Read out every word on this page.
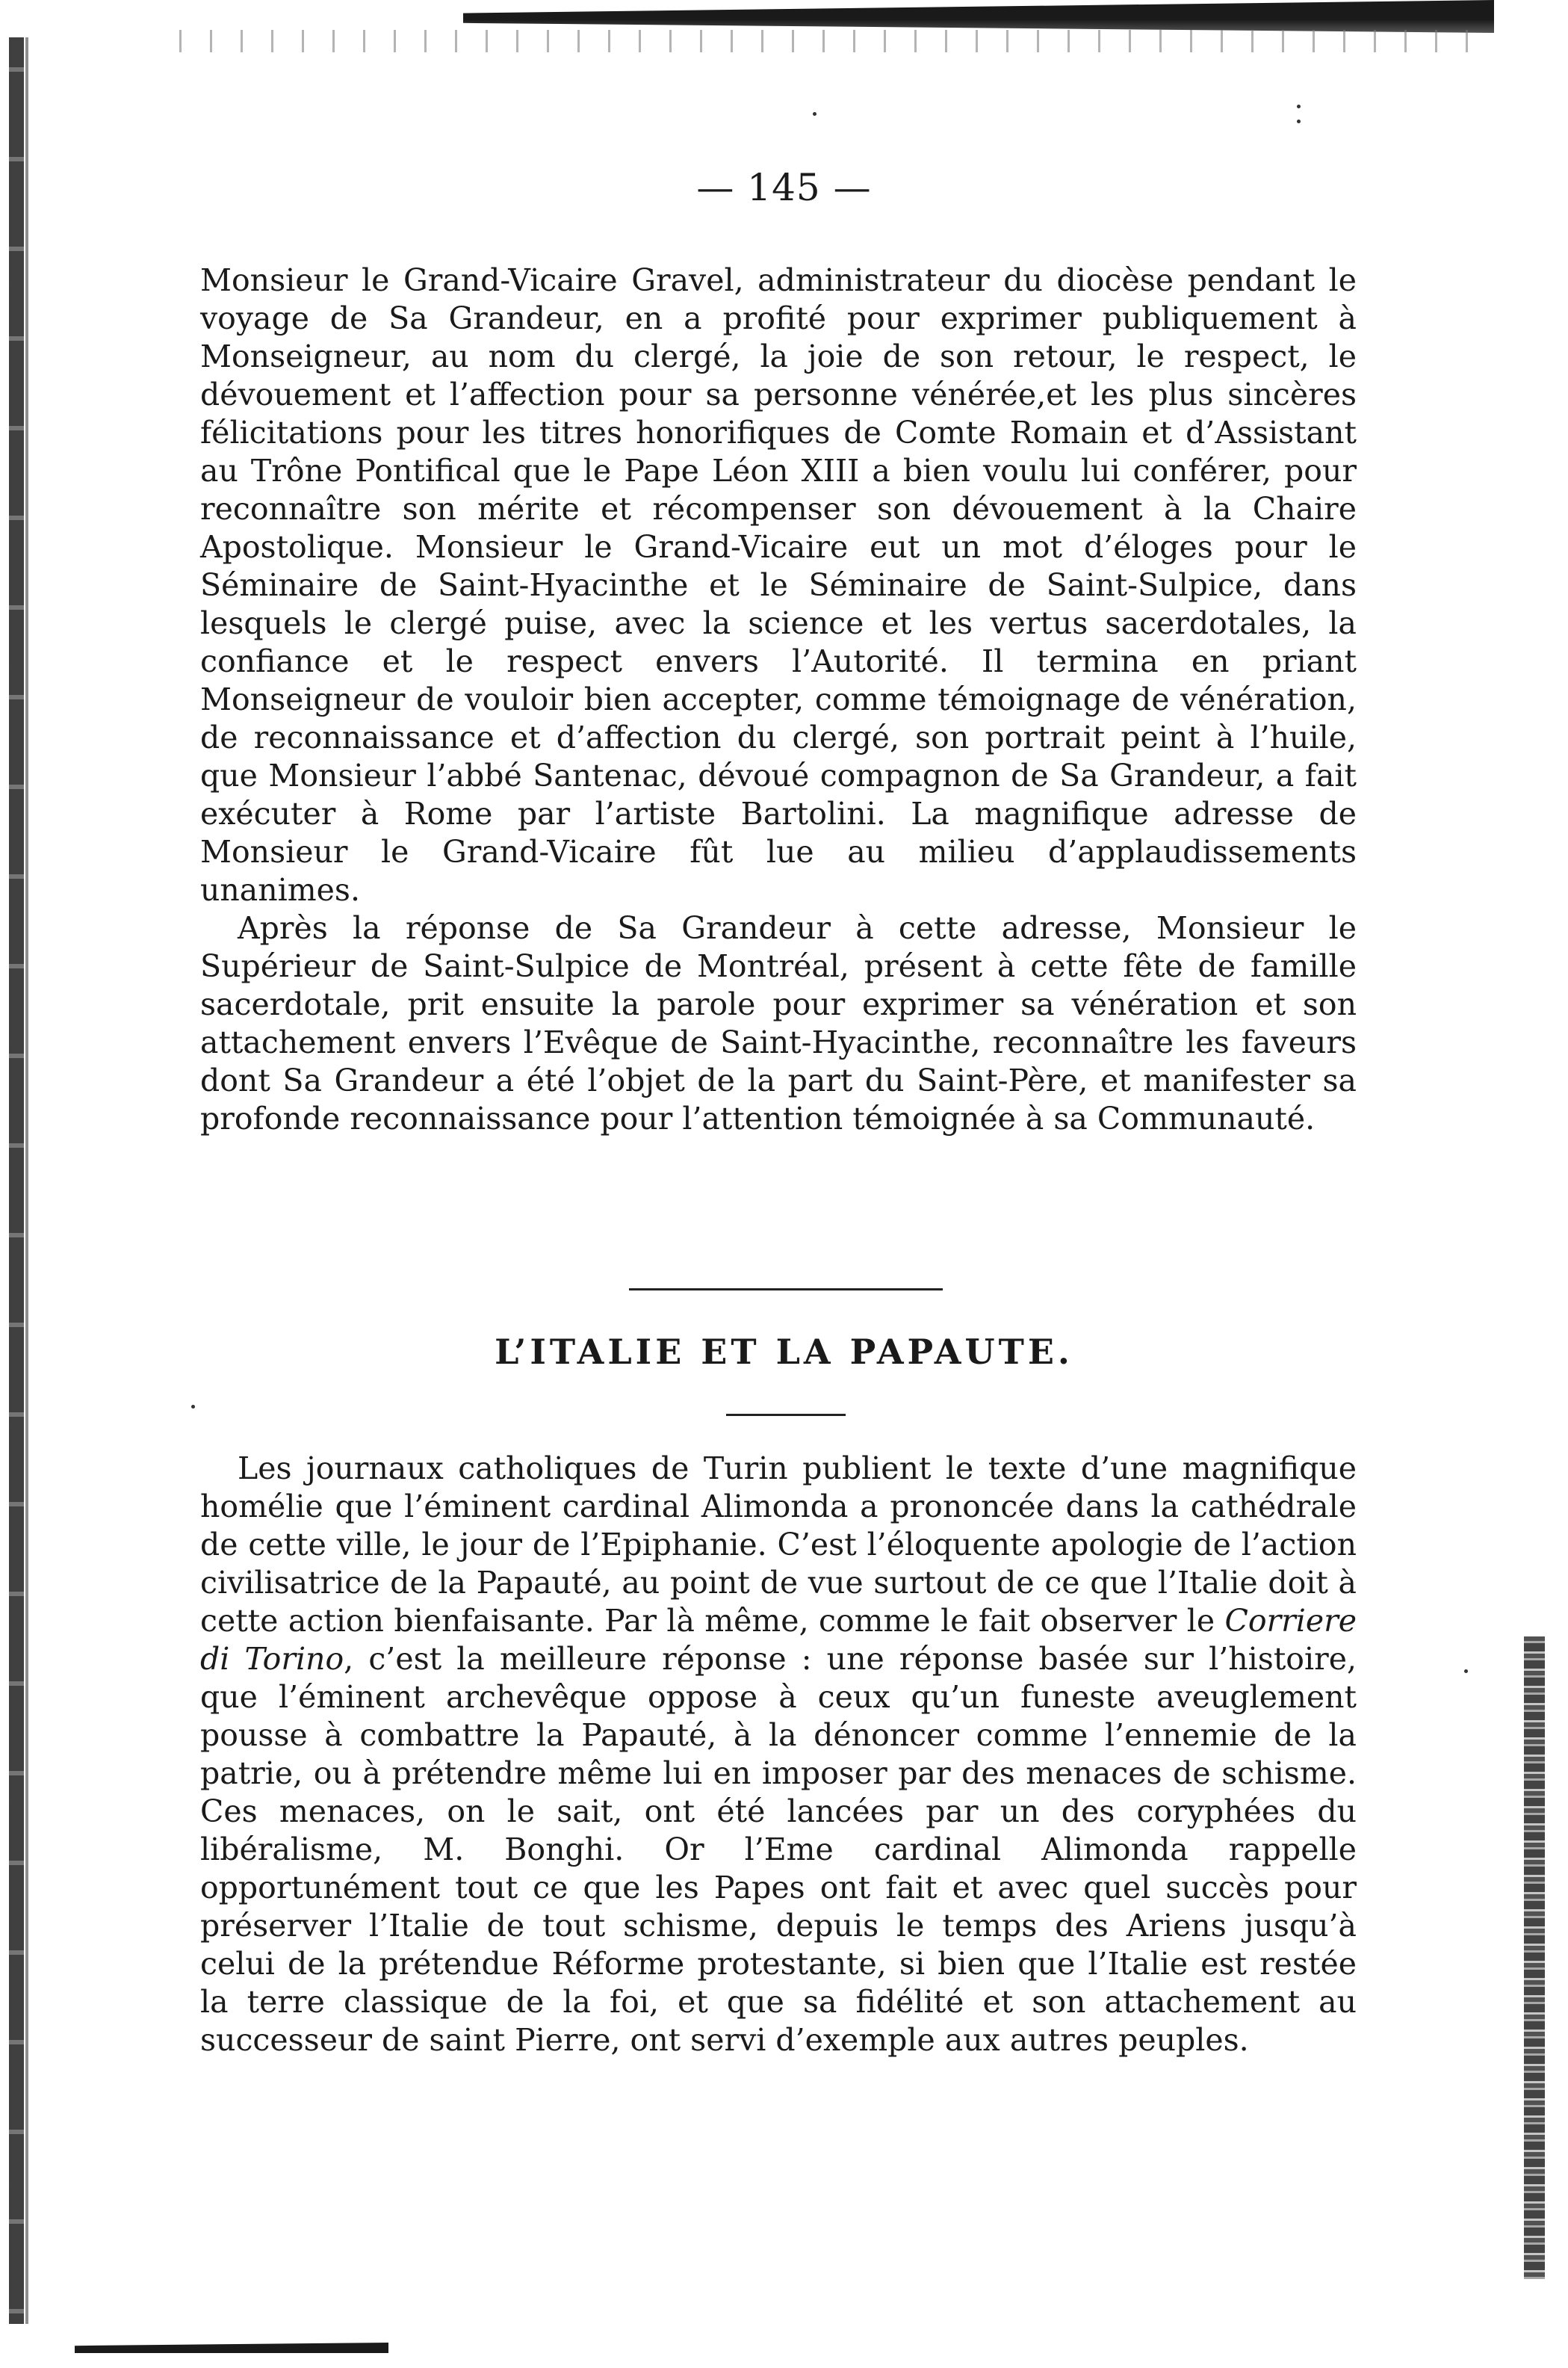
— 145 —

Monsieur le Grand-Vicaire Gravel, administrateur du diocèse pendant le voyage de Sa Grandeur, en a profité pour exprimer publiquement à Monseigneur, au nom du clergé, la joie de son retour, le respect, le dévouement et l’affection pour sa personne vénérée,et les plus sincères félicitations pour les titres honorifiques de Comte Romain et d’Assistant au Trône Pontifical que le Pape Léon XIII a bien voulu lui conférer, pour reconnaître son mérite et récompenser son dévouement à la Chaire Apostolique. Monsieur le Grand-Vicaire eut un mot d’éloges pour le Séminaire de Saint-Hyacinthe et le Séminaire de Saint-Sulpice, dans lesquels le clergé puise, avec la science et les vertus sacerdotales, la confiance et le respect envers l’Autorité. Il termina en priant Monseigneur de vouloir bien accepter, comme témoignage de vénération, de reconnaissance et d’affection du clergé, son portrait peint à l’huile, que Monsieur l’abbé Santenac, dévoué compagnon de Sa Grandeur, a fait exécuter à Rome par l’artiste Bartolini. La magnifique adresse de Monsieur le Grand-Vicaire fût lue au milieu d’applaudissements unanimes.

Après la réponse de Sa Grandeur à cette adresse, Monsieur le Supérieur de Saint-Sulpice de Montréal, présent à cette fête de famille sacerdotale, prit ensuite la parole pour exprimer sa vénération et son attachement envers l’Evêque de Saint-Hyacinthe, reconnaître les faveurs dont Sa Grandeur a été l’objet de la part du Saint-Père, et manifester sa profonde reconnaissance pour l’attention témoignée à sa Communauté.

L’ITALIE ET LA PAPAUTE.

Les journaux catholiques de Turin publient le texte d’une magnifique homélie que l’éminent cardinal Alimonda a prononcée dans la cathédrale de cette ville, le jour de l’Epiphanie. C’est l’éloquente apologie de l’action civilisatrice de la Papauté, au point de vue surtout de ce que l’Italie doit à cette action bienfaisante. Par là même, comme le fait observer le Corriere di Torino, c’est la meilleure réponse : une réponse basée sur l’histoire, que l’éminent archevêque oppose à ceux qu’un funeste aveuglement pousse à combattre la Papauté, à la dénoncer comme l’ennemie de la patrie, ou à prétendre même lui en imposer par des menaces de schisme. Ces menaces, on le sait, ont été lancées par un des coryphées du libéralisme, M. Bonghi. Or l’Eme cardinal Alimonda rappelle opportunément tout ce que les Papes ont fait et avec quel succès pour préserver l’Italie de tout schisme, depuis le temps des Ariens jusqu’à celui de la prétendue Réforme protestante, si bien que l’Italie est restée la terre classique de la foi, et que sa fidélité et son attachement au successeur de saint Pierre, ont servi d’exemple aux autres peuples.
